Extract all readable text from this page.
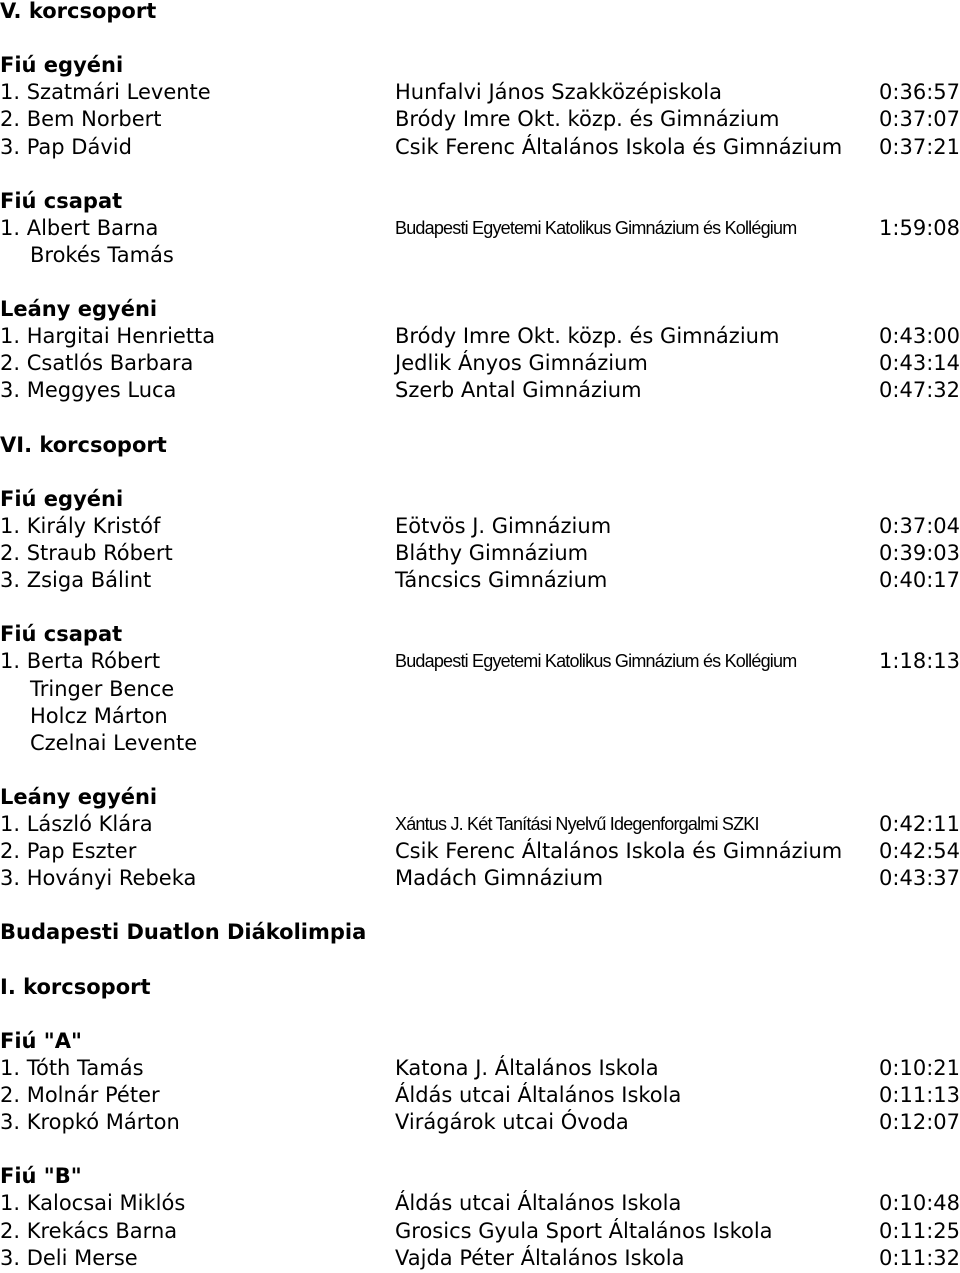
V. korcsoport
Fiú egyéni
1. Szatmári Levente	Hunfalvi János Szakközépiskola	0:36:57
2. Bem Norbert	Bródy Imre Okt. közp. és Gimnázium	0:37:07
3. Pap Dávid	Csik Ferenc Általános Iskola és Gimnázium 0:37:21
Fiú csapat
1. Albert Barna	Budapesti Egyetemi Katolikus Gimnázium és Kollégium	1:59:08
Brokés Tamás
Leány egyéni
1. Hargitai Henrietta	Bródy Imre Okt. közp. és Gimnázium	0:43:00
2. Csatlós Barbara	Jedlik Ányos Gimnázium	0:43:14
3. Meggyes Luca	Szerb Antal Gimnázium	0:47:32
VI. korcsoport
Fiú egyéni
1. Király Kristóf	Eötvös J. Gimnázium	0:37:04
2. Straub Róbert	Bláthy Gimnázium	0:39:03
3. Zsiga Bálint	Táncsics Gimnázium	0:40:17
Fiú csapat
1. Berta Róbert	Budapesti Egyetemi Katolikus Gimnázium és Kollégium	1:18:13
Tringer Bence
Holcz Márton
Czelnai Levente
Leány egyéni
1. László Klára	Xántus J. Két Tanítási Nyelvű Idegenforgalmi SZKI	0:42:11
2. Pap Eszter	Csik Ferenc Általános Iskola és Gimnázium 0:42:54
3. Hoványi Rebeka	Madách Gimnázium	0:43:37
Budapesti Duatlon Diákolimpia
I. korcsoport
Fiú "A"
1. Tóth Tamás	Katona J. Általános Iskola	0:10:21
2. Molnár Péter	Áldás utcai Általános Iskola	0:11:13
3. Kropkó Márton	Virágárok utcai Óvoda	0:12:07
Fiú "B"
1. Kalocsai Miklós	Áldás utcai Általános Iskola	0:10:48
2. Krekács Barna	Grosics Gyula Sport Általános Iskola	0:11:25
3. Deli Merse	Vajda Péter Általános Iskola	0:11:32
